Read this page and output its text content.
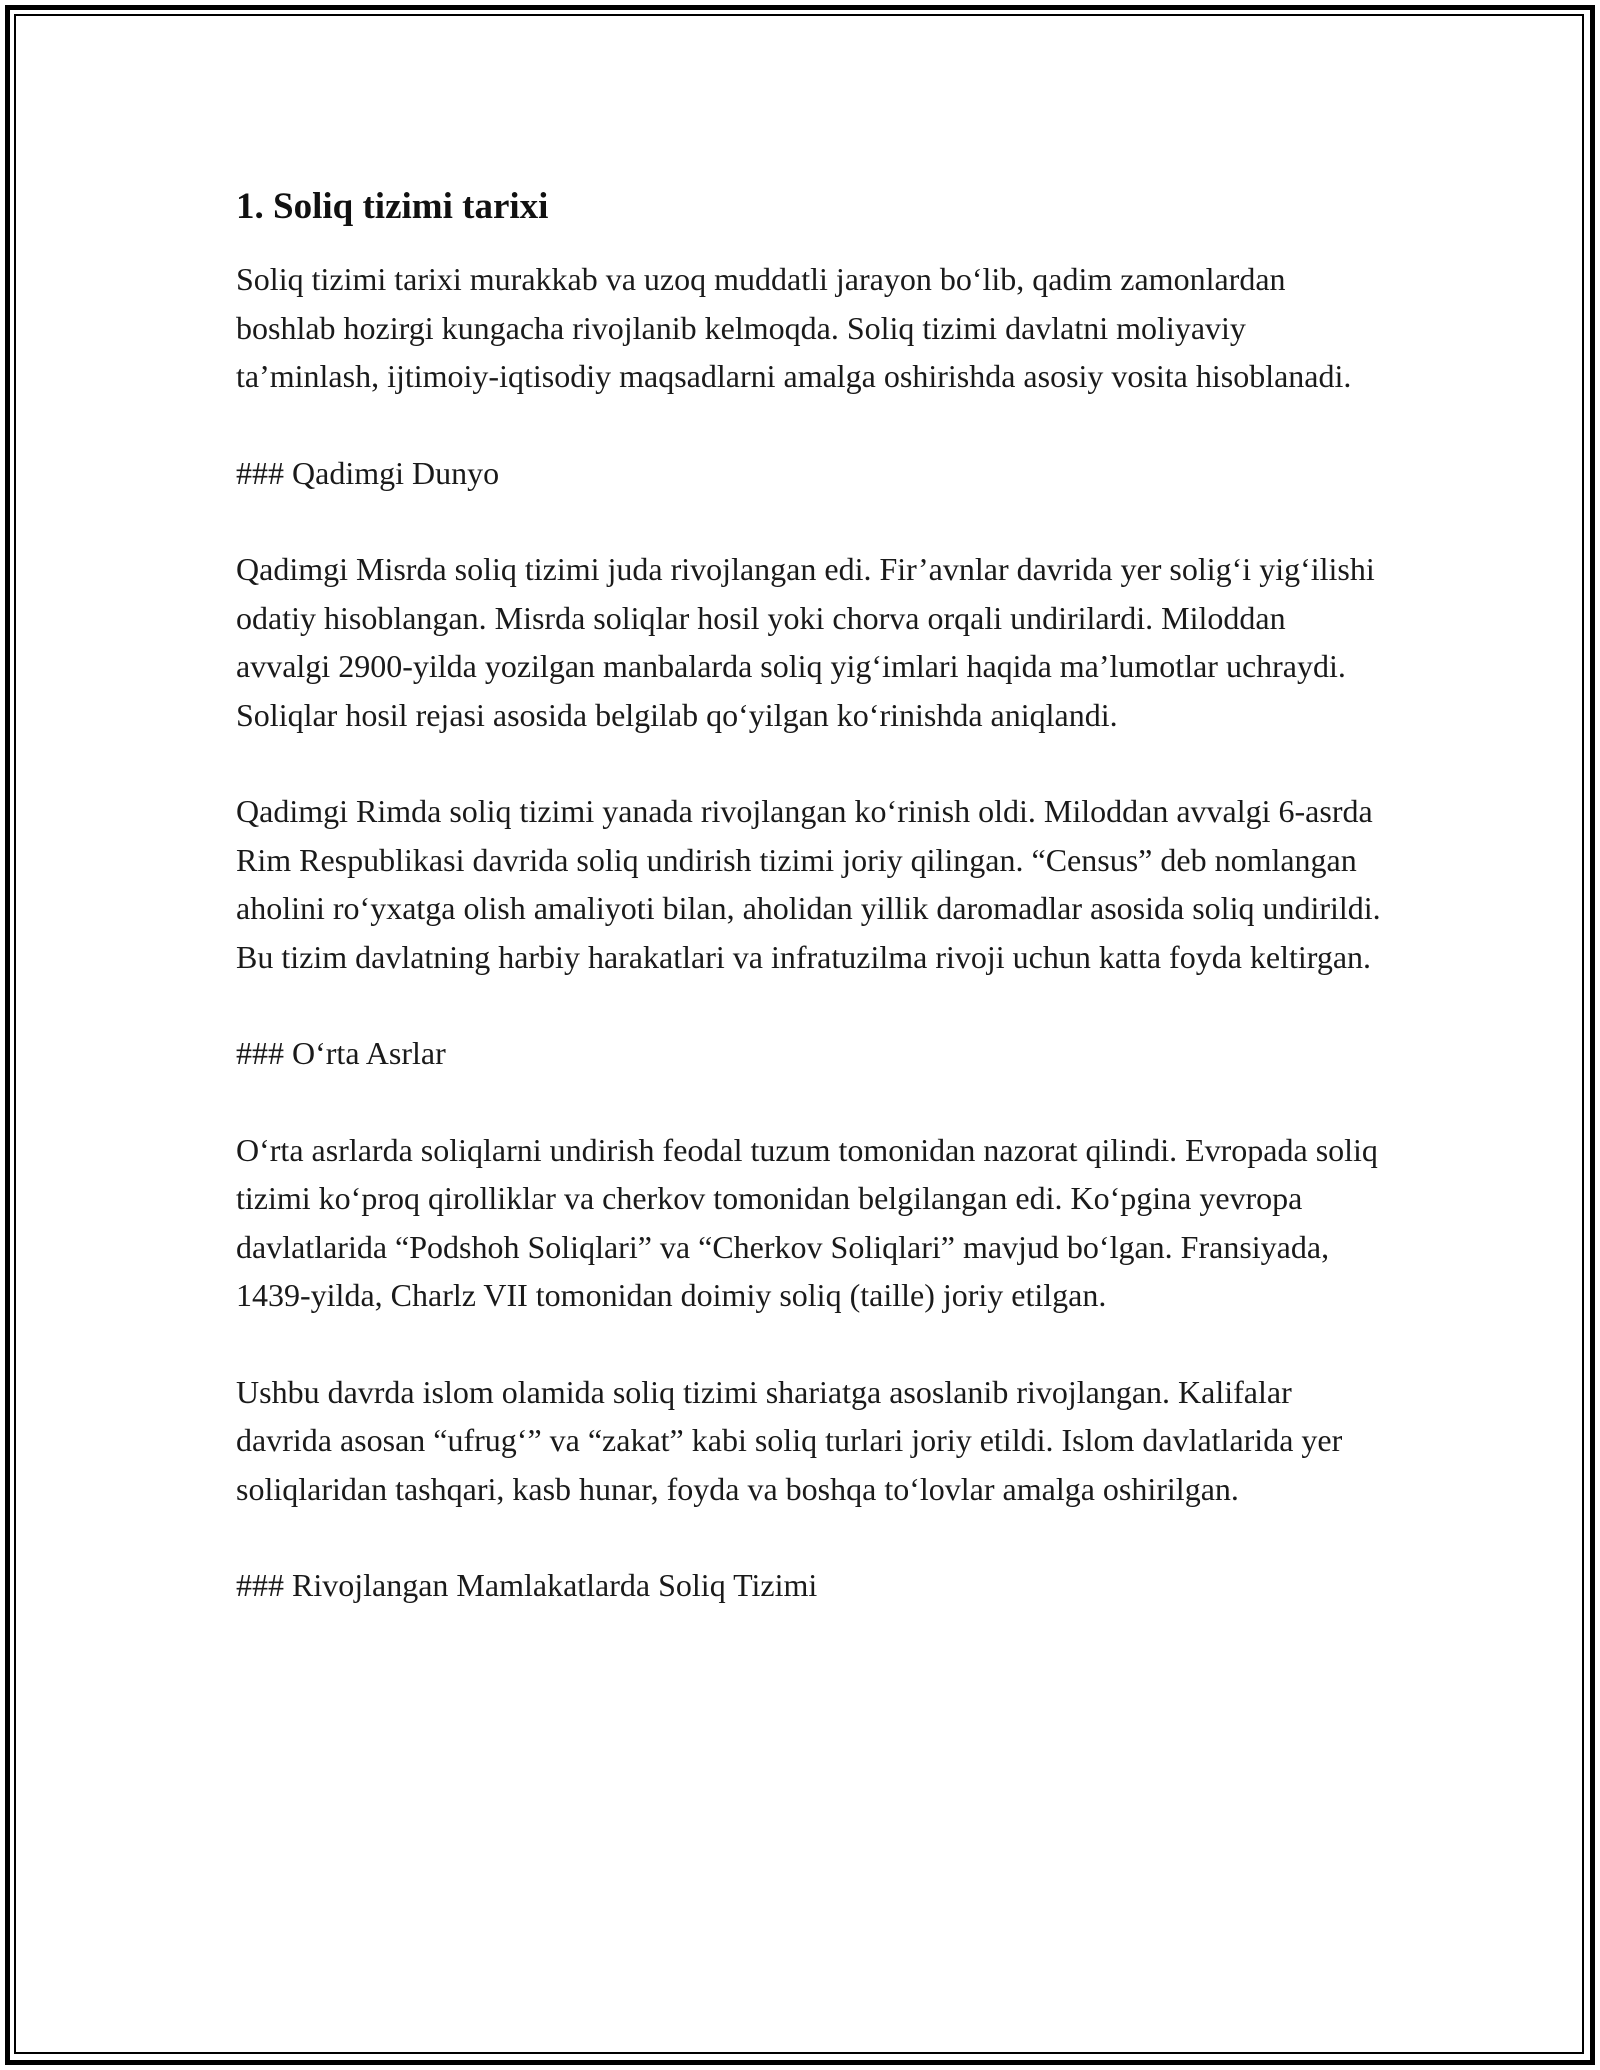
1. Soliq tizimi tarixi

Soliq tizimi tarixi murakkab va uzoq muddatli jarayon bo‘lib, qadim zamonlardan boshlab hozirgi kungacha rivojlanib kelmoqda. Soliq tizimi davlatni moliyaviy ta’minlash, ijtimoiy-iqtisodiy maqsadlarni amalga oshirishda asosiy vosita hisoblanadi.

### Qadimgi Dunyo

Qadimgi Misrda soliq tizimi juda rivojlangan edi. Fir’avnlar davrida yer solig‘i yig‘ilishi odatiy hisoblangan. Misrda soliqlar hosil yoki chorva orqali undirilardi. Miloddan avvalgi 2900-yilda yozilgan manbalarda soliq yig‘imlari haqida ma’lumotlar uchraydi. Soliqlar hosil rejasi asosida belgilab qo‘yilgan ko‘rinishda aniqlandi.

Qadimgi Rimda soliq tizimi yanada rivojlangan ko‘rinish oldi. Miloddan avvalgi 6-asrda Rim Respublikasi davrida soliq undirish tizimi joriy qilingan. “Census” deb nomlangan aholini ro‘yxatga olish amaliyoti bilan, aholidan yillik daromadlar asosida soliq undirildi. Bu tizim davlatning harbiy harakatlari va infratuzilma rivoji uchun katta foyda keltirgan.

### O‘rta Asrlar

O‘rta asrlarda soliqlarni undirish feodal tuzum tomonidan nazorat qilindi. Evropada soliq tizimi ko‘proq qirolliklar va cherkov tomonidan belgilangan edi. Ko‘pgina yevropa davlatlarida “Podshoh Soliqlari” va “Cherkov Soliqlari” mavjud bo‘lgan. Fransiyada, 1439-yilda, Charlz VII tomonidan doimiy soliq (taille) joriy etilgan.

Ushbu davrda islom olamida soliq tizimi shariatga asoslanib rivojlangan. Kalifalar davrida asosan “ufrug‘” va “zakat” kabi soliq turlari joriy etildi. Islom davlatlarida yer soliqlaridan tashqari, kasb hunar, foyda va boshqa to‘lovlar amalga oshirilgan.

### Rivojlangan Mamlakatlarda Soliq Tizimi
